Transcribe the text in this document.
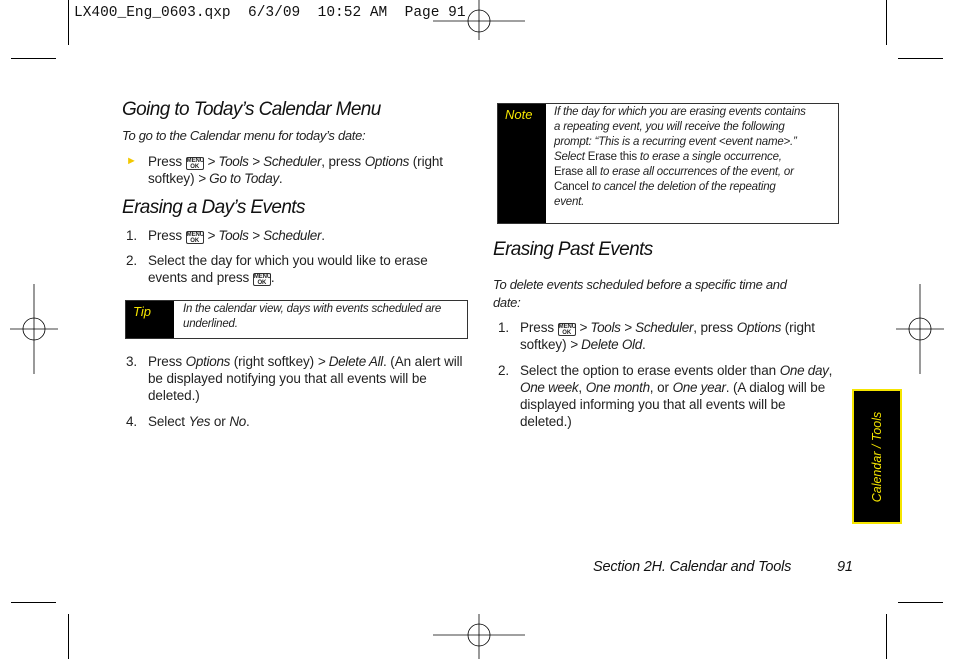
LX400_Eng_0603.qxp  6/3/09  10:52 AM  Page 91
Going to Today’s Calendar Menu
To go to the Calendar menu for today’s date:
► Press MENU
OK > Tools > Scheduler, press Options (right
softkey) > Go to Today.
Erasing a Day’s Events
1. Press MENU
OK > Tools > Scheduler.
2. Select the day for which you would like to erase
events and press MENU
OK .
Tip	In the calendar view, days with events scheduled are
underlined.
3. Press Options (right softkey) > Delete All. (An alert will
be displayed notifying you that all events will be
deleted.)
4. Select Yes or No.
Note	If the day for which you are erasing events contains
a repeating event, you will receive the following
prompt: “This is a recurring event <event name>.”
Select Erase this to erase a single occurrence,
Erase all to erase all occurrences of the event, or
Cancel to cancel the deletion of the repeating
event.
Erasing Past Events
To delete events scheduled before a specific time and
date:
1. Press MENU
OK > Tools > Scheduler, press Options (right
softkey) > Delete Old.
2. Select the option to erase events older than One day,
One week, One month, or One year. (A dialog will be
displayed informing you that all events will be
deleted.)	Calendar / Tools
Section 2H. Calendar and Tools	91
